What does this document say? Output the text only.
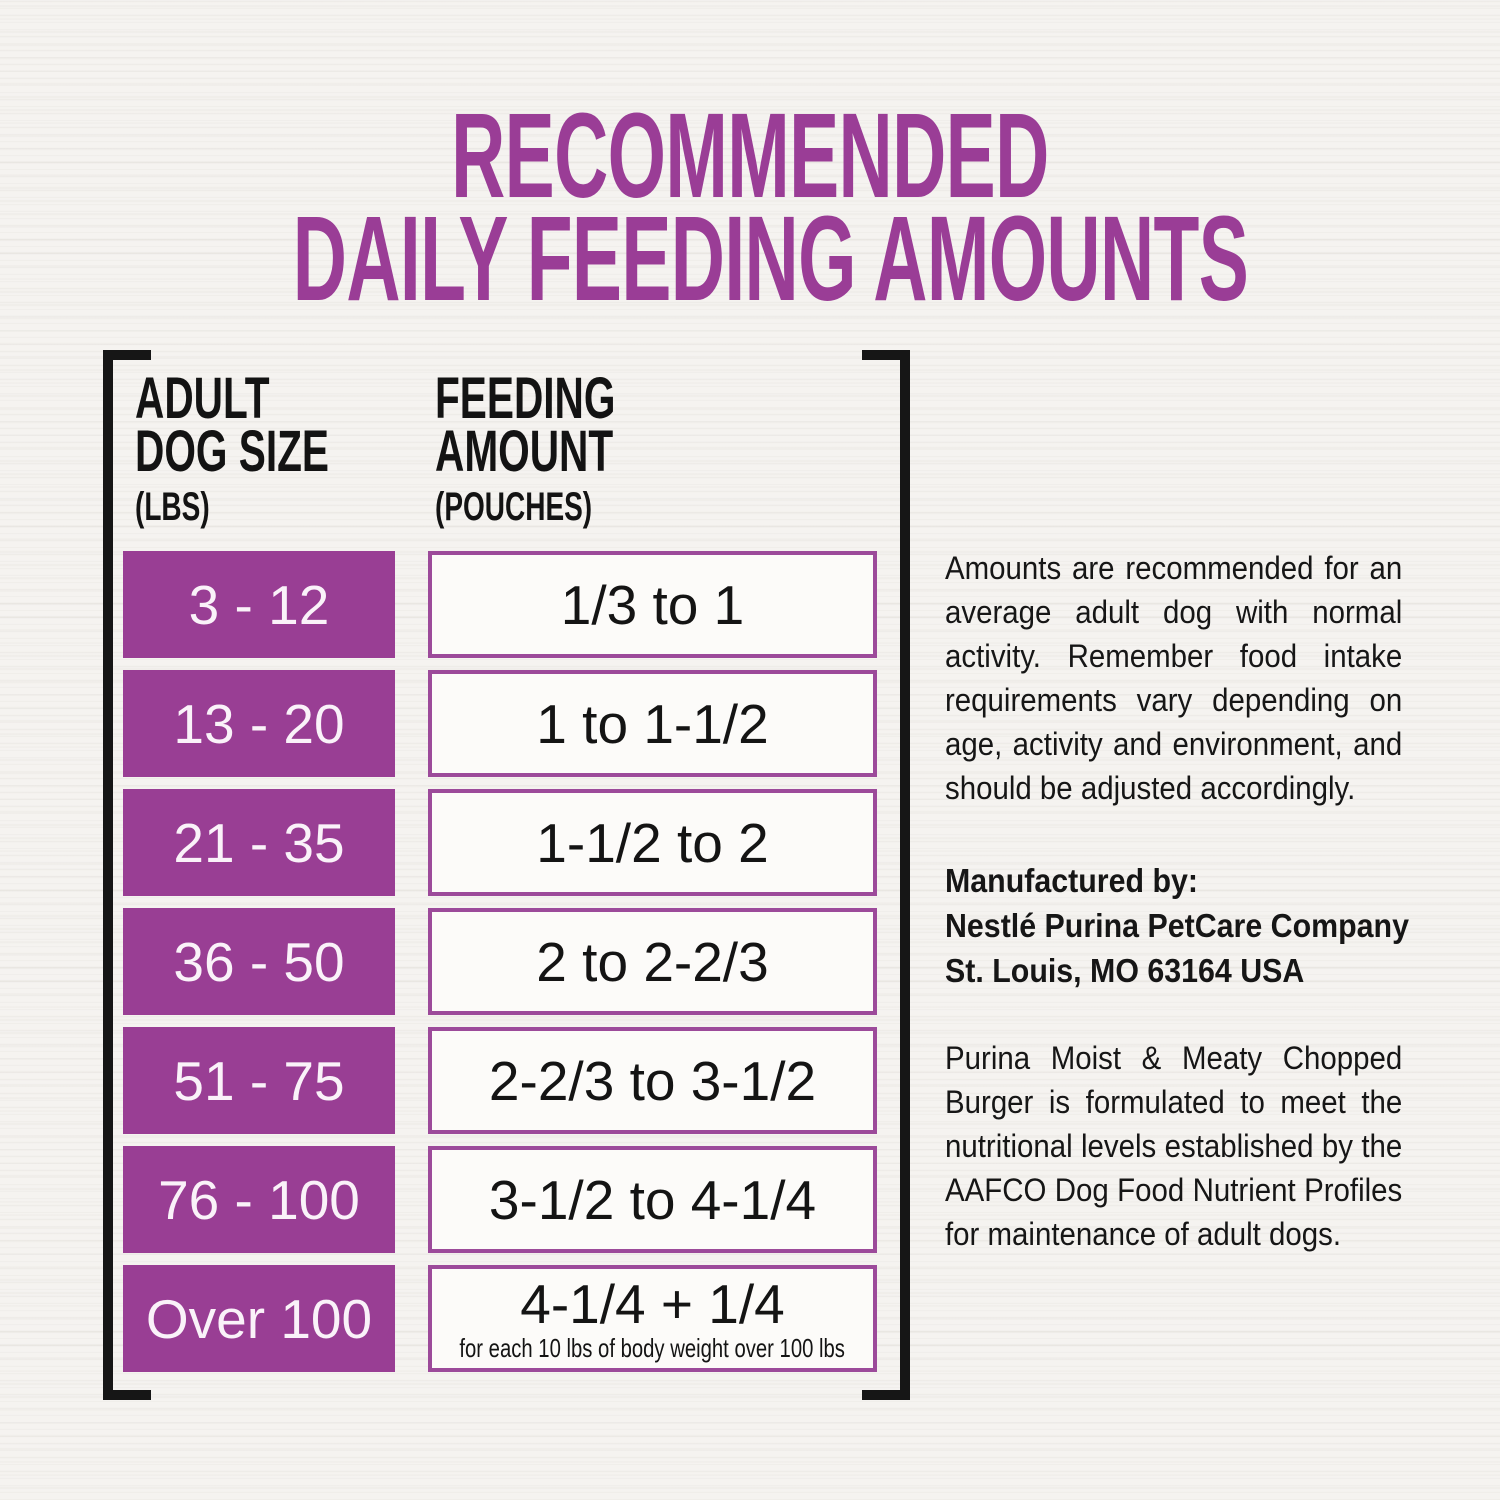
RECOMMENDED
DAILY FEEDING AMOUNTS
ADULT
DOG SIZE
(LBS)
FEEDING
AMOUNT
(POUCHES)
3 - 12	1/3 to 1
13 - 20	1 to 1-1/2
21 - 35	1-1/2 to 2
36 - 50	2 to 2-2/3
51 - 75	2-2/3 to 3-1/2
76 - 100	3-1/2 to 4-1/4
Over 100	4-1/4 + 1/4
for each 10 lbs of body weight over 100 lbs
Amounts are recommended for an average adult dog with normal activity. Remember food intake requirements vary depending on age, activity and environment, and should be adjusted accordingly.
Manufactured by:
Nestlé Purina PetCare Company
St. Louis, MO 63164 USA
Purina Moist & Meaty Chopped Burger is formulated to meet the nutritional levels established by the AAFCO Dog Food Nutrient Profiles for maintenance of adult dogs.
